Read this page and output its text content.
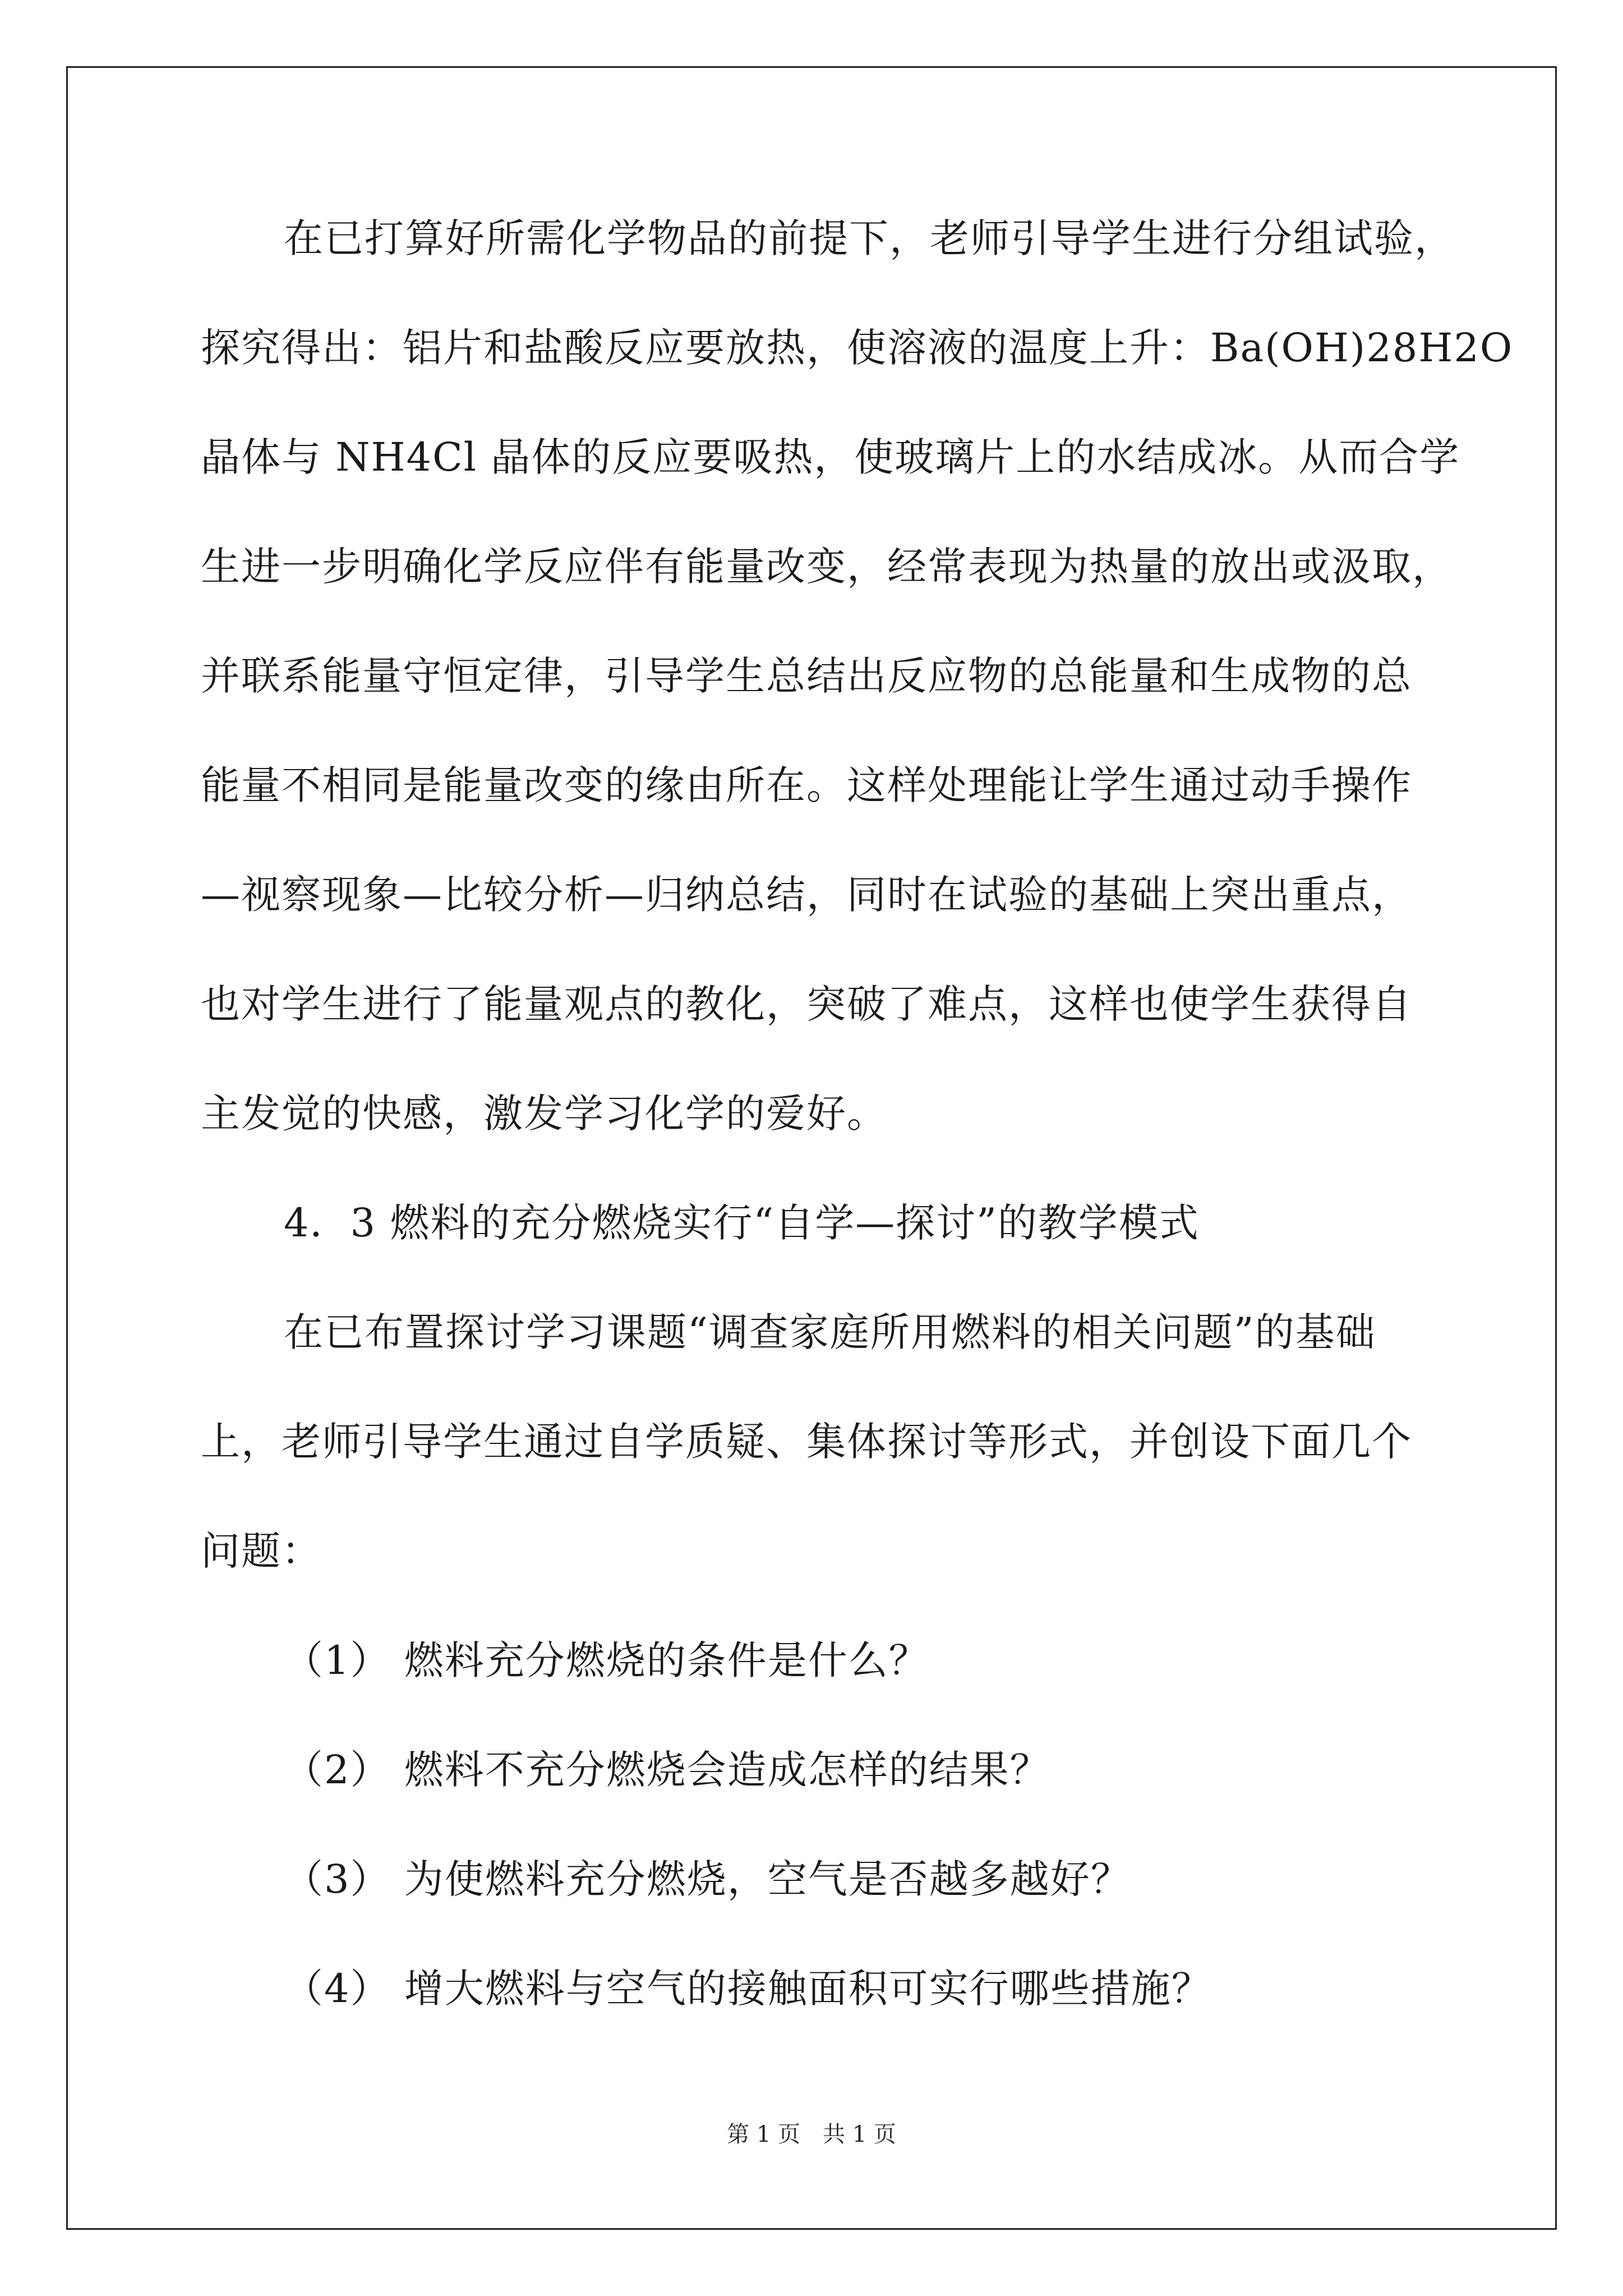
在已打算好所需化学物品的前提下，老师引导学生进行分组试验，
探究得出：铝片和盐酸反应要放热，使溶液的温度上升：Ba(OH)28H2O
晶体与 NH4Cl 晶体的反应要吸热，使玻璃片上的水结成冰。从而合学
生进一步明确化学反应伴有能量改变，经常表现为热量的放出或汲取，
并联系能量守恒定律，引导学生总结出反应物的总能量和生成物的总
能量不相同是能量改变的缘由所在。这样处理能让学生通过动手操作
—视察现象—比较分析—归纳总结，同时在试验的基础上突出重点，
也对学生进行了能量观点的教化，突破了难点，这样也使学生获得自
主发觉的快感，激发学习化学的爱好。
4．3 燃料的充分燃烧实行“自学—探讨”的教学模式
在已布置探讨学习课题“调查家庭所用燃料的相关问题”的基础
上，老师引导学生通过自学质疑、集体探讨等形式，并创设下面几个
问题：
（1） 燃料充分燃烧的条件是什么？
（2） 燃料不充分燃烧会造成怎样的结果？
（3） 为使燃料充分燃烧，空气是否越多越好？
（4） 增大燃料与空气的接触面积可实行哪些措施？
第 1 页　共 1 页
